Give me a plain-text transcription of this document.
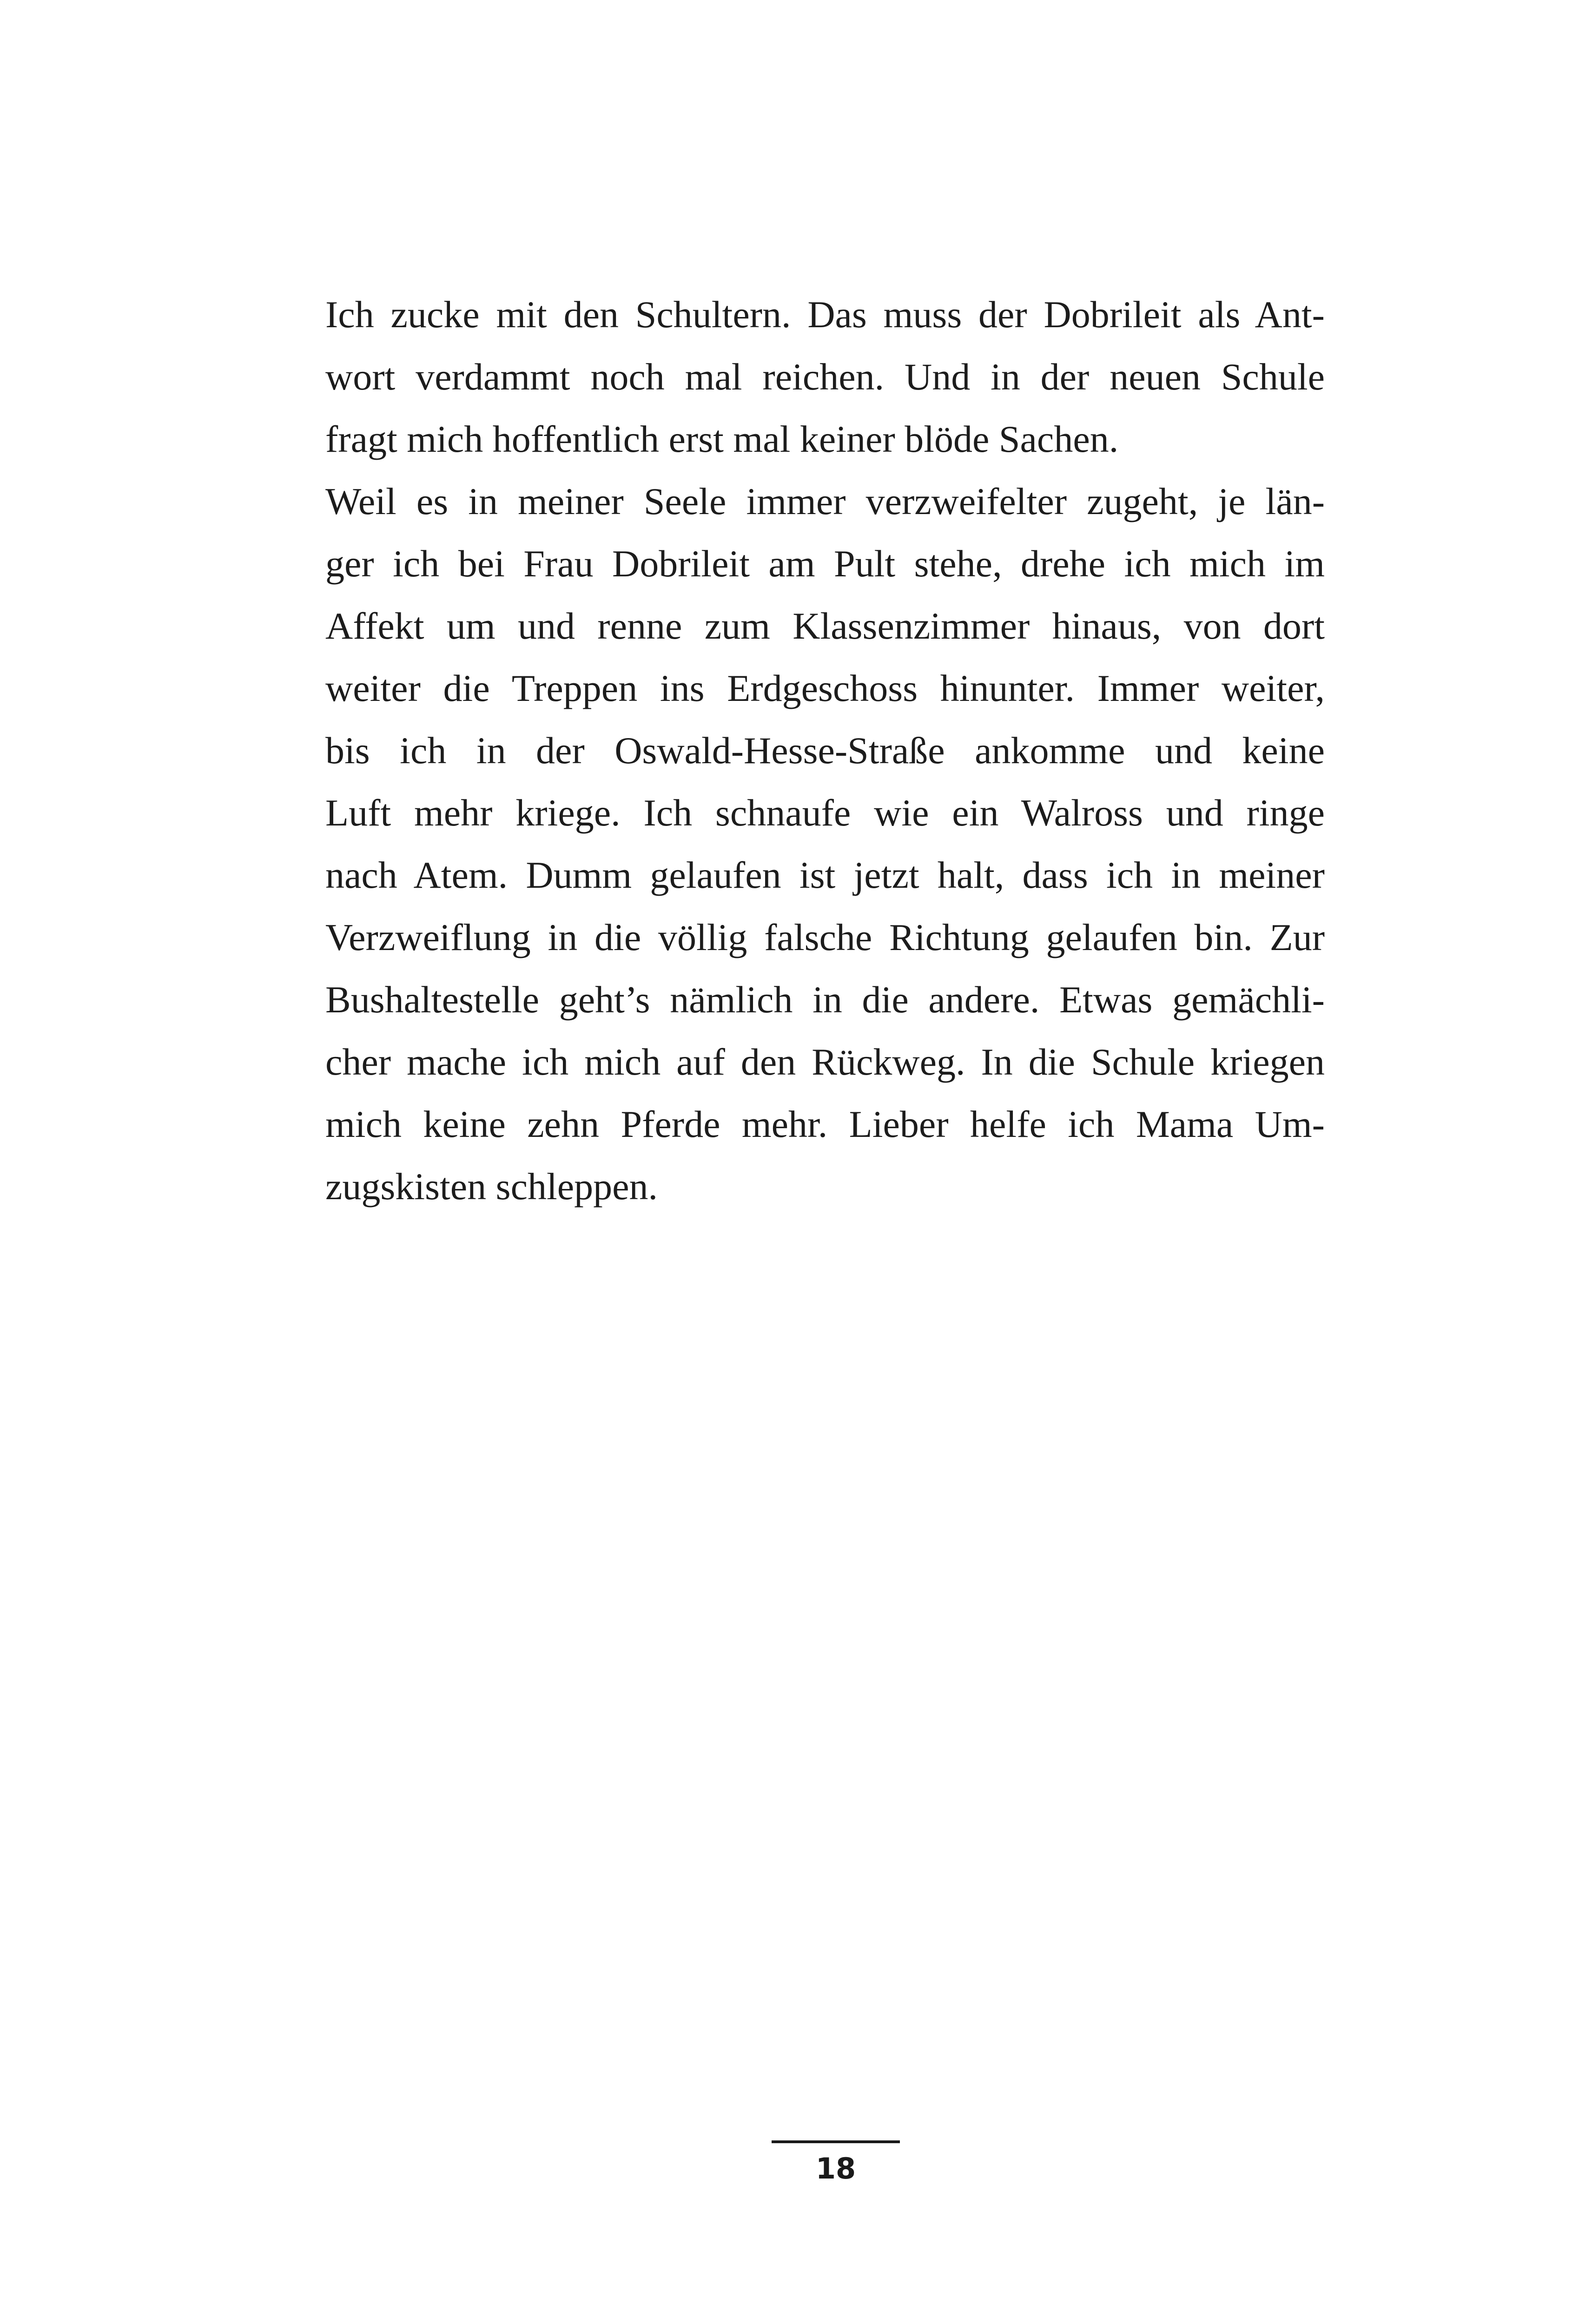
Ich zucke mit den Schultern. Das muss der Dobrileit als Ant-
wort verdammt noch mal reichen. Und in der neuen Schule
fragt mich hoffentlich erst mal keiner blöde Sachen.
Weil es in meiner Seele immer verzweifelter zugeht, je län-
ger ich bei Frau Dobrileit am Pult stehe, drehe ich mich im
Affekt um und renne zum Klassenzimmer hinaus, von dort
weiter die Treppen ins Erdgeschoss hinunter. Immer weiter,
bis ich in der Oswald-Hesse-Straße ankomme und keine
Luft mehr kriege. Ich schnaufe wie ein Walross und ringe
nach Atem. Dumm gelaufen ist jetzt halt, dass ich in meiner
Verzweiflung in die völlig falsche Richtung gelaufen bin. Zur
Bushaltestelle geht’s nämlich in die andere. Etwas gemächli-
cher mache ich mich auf den Rückweg. In die Schule kriegen
mich keine zehn Pferde mehr. Lieber helfe ich Mama Um-
zugskisten schleppen.
18
